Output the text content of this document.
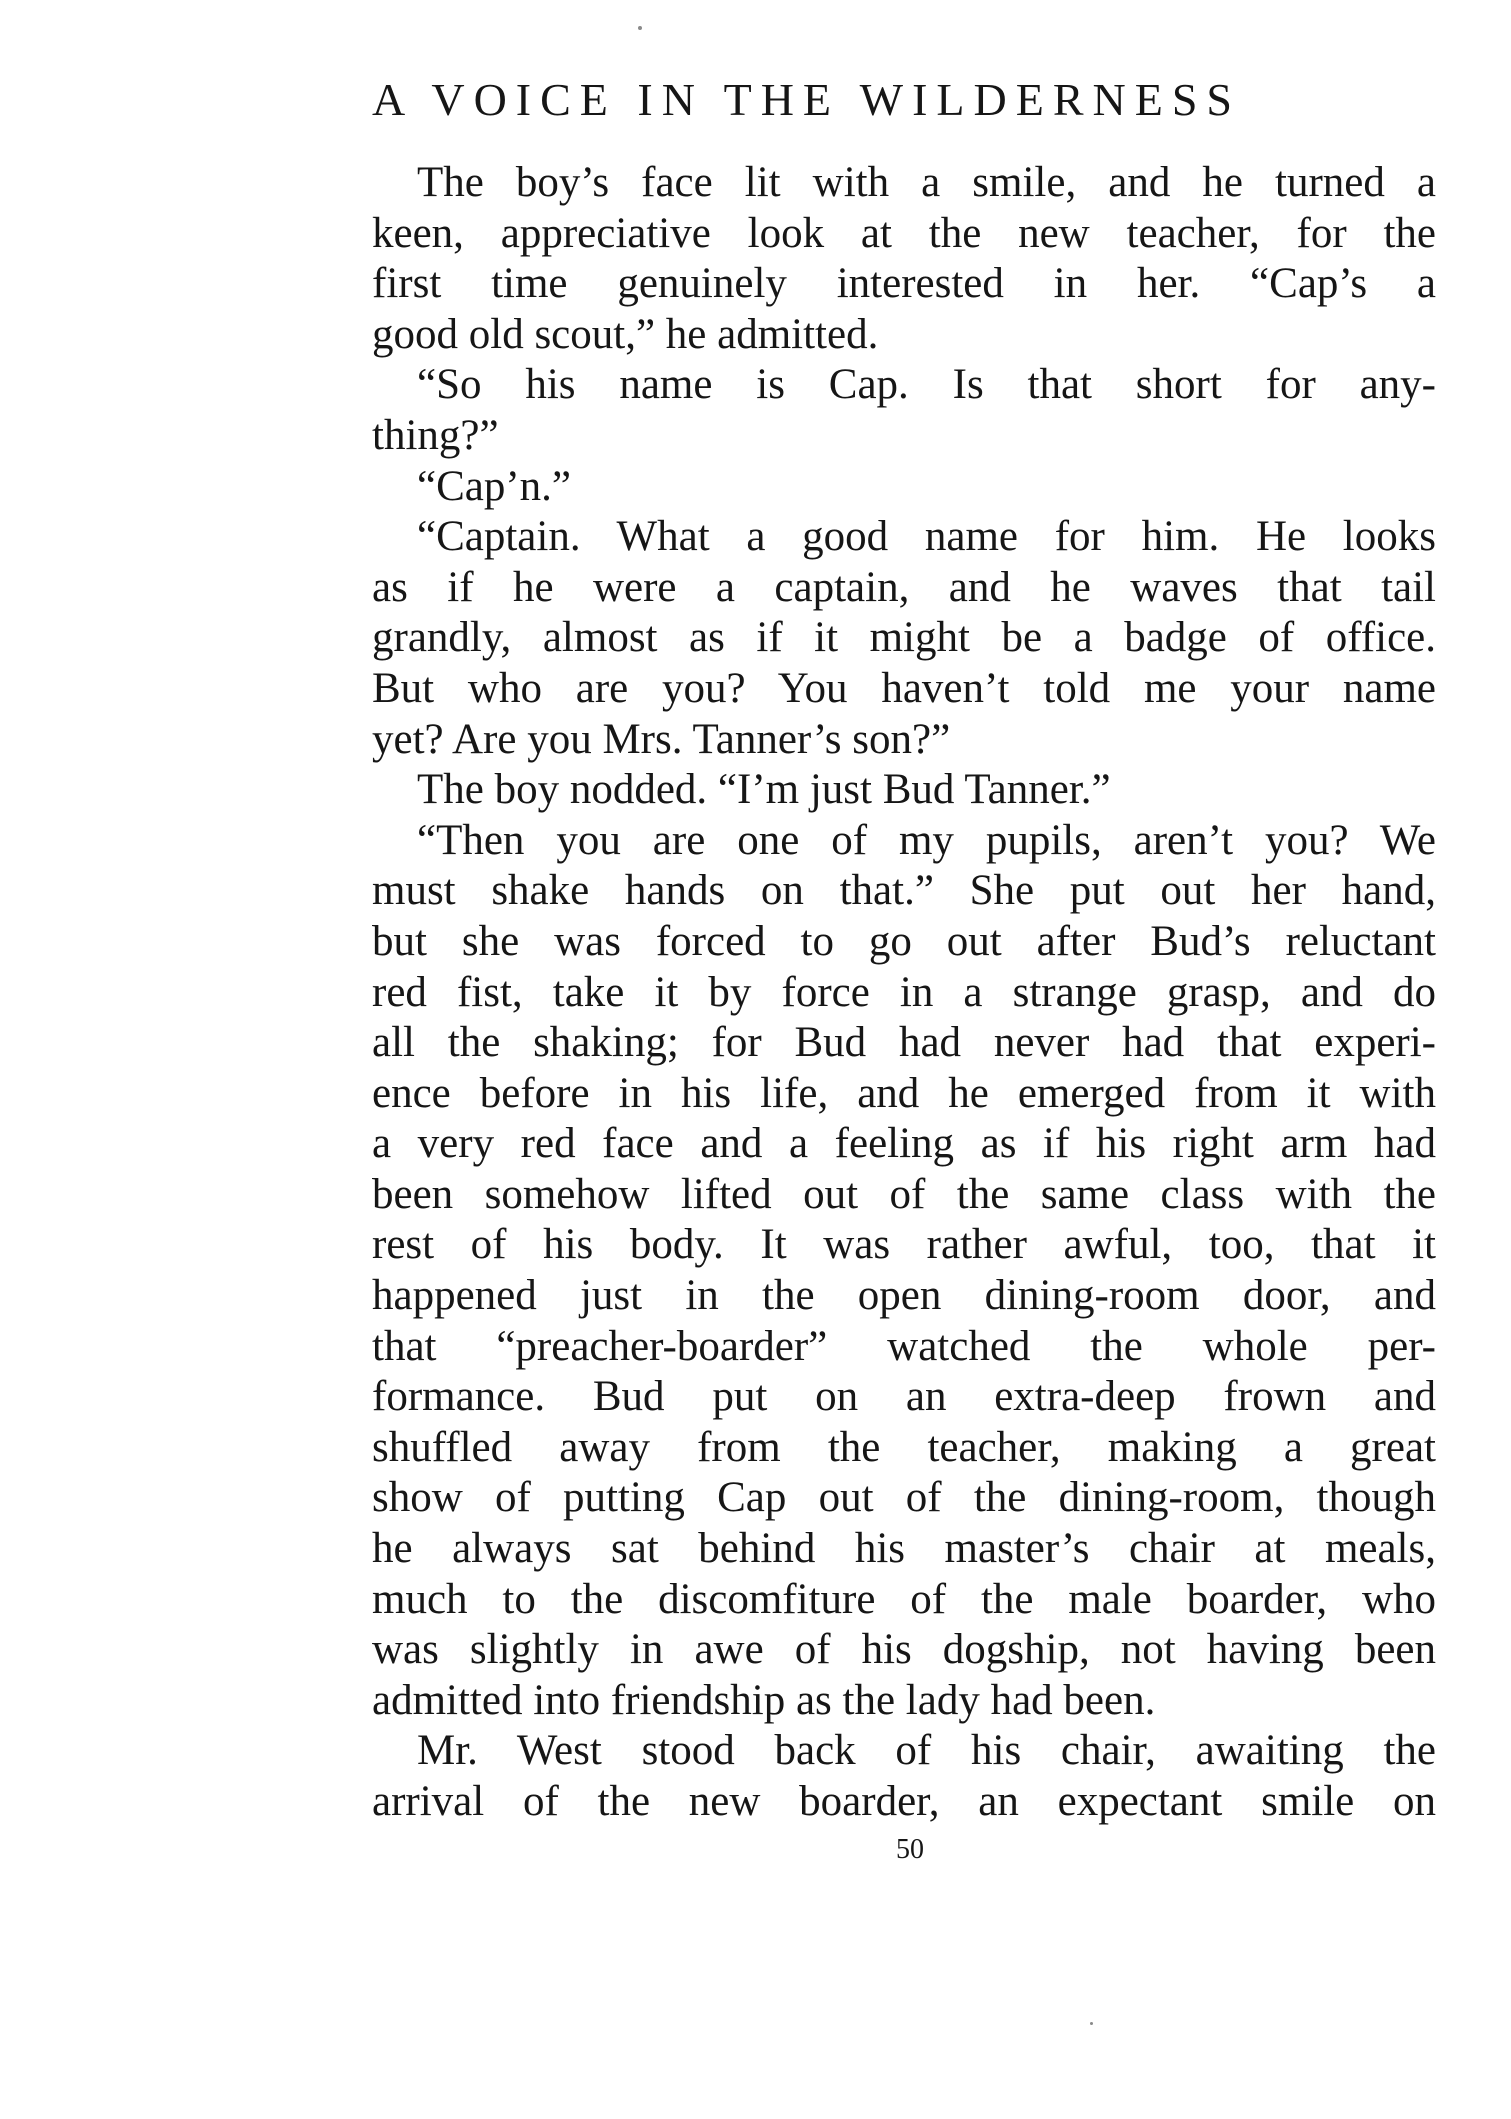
A VOICE IN THE WILDERNESS
The boy’s face lit with a smile, and he turned a
keen, appreciative look at the new teacher, for the
first time genuinely interested in her. “Cap’s a
good old scout,” he admitted.
“So his name is Cap. Is that short for any-
thing?”
“Cap’n.”
“Captain. What a good name for him. He looks
as if he were a captain, and he waves that tail
grandly, almost as if it might be a badge of office.
But who are you? You haven’t told me your name
yet? Are you Mrs. Tanner’s son?”
The boy nodded. “I’m just Bud Tanner.”
“Then you are one of my pupils, aren’t you? We
must shake hands on that.” She put out her hand,
but she was forced to go out after Bud’s reluctant
red fist, take it by force in a strange grasp, and do
all the shaking; for Bud had never had that experi-
ence before in his life, and he emerged from it with
a very red face and a feeling as if his right arm had
been somehow lifted out of the same class with the
rest of his body. It was rather awful, too, that it
happened just in the open dining-room door, and
that “preacher-boarder” watched the whole per-
formance. Bud put on an extra-deep frown and
shuffled away from the teacher, making a great
show of putting Cap out of the dining-room, though
he always sat behind his master’s chair at meals,
much to the discomfiture of the male boarder, who
was slightly in awe of his dogship, not having been
admitted into friendship as the lady had been.
Mr. West stood back of his chair, awaiting the
arrival of the new boarder, an expectant smile on
50
